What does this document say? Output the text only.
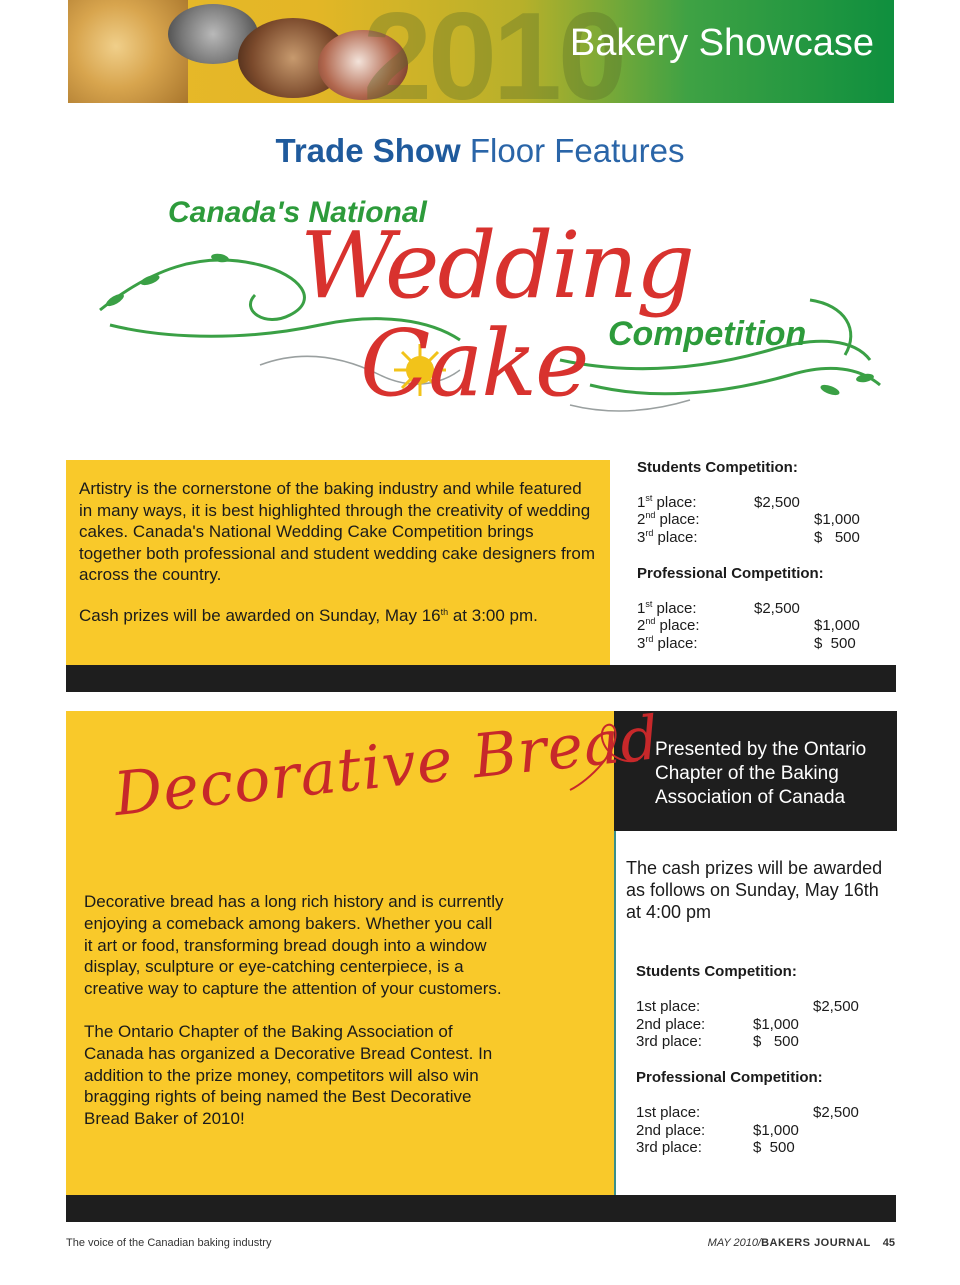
2010
Bakery Showcase
Trade Show Floor Features
Canada's National
Wedding
Cake Competition
Artistry is the cornerstone of the baking industry and while featured in many ways, it is best highlighted through the creativity of wedding cakes. Canada's National Wedding Cake Competition brings together both professional and student wedding cake designers from across the country.
Cash prizes will be awarded on Sunday, May 16th at 3:00 pm.
Students Competition:
1st place:	$2,500
2nd place:	$1,000
3rd place:	$   500
Professional Competition:
1st place:	$2,500
2nd place:	$1,000
3rd place:	$  500
Presented by the Ontario Chapter of the Baking Association of Canada
Decorative Bread
Decorative bread has a long rich history and is currently enjoying a comeback among bakers. Whether you call it art or food, transforming bread dough into a window display, sculpture or eye-catching centerpiece, is a creative way to capture the attention of your customers.
The Ontario Chapter of the Baking Association of Canada has organized a Decorative Bread Contest. In addition to the prize money, competitors will also win bragging rights of being named the Best Decorative Bread Baker of 2010!
The cash prizes will be awarded as follows on Sunday, May 16th at 4:00 pm
Students Competition:
1st place:	$2,500
2nd place:	$1,000
3rd place:	$   500
Professional Competition:
1st place:	$2,500
2nd place:	$1,000
3rd place:	$  500
The voice of the Canadian baking industry	MAY 2010/BAKERS JOURNAL 45
